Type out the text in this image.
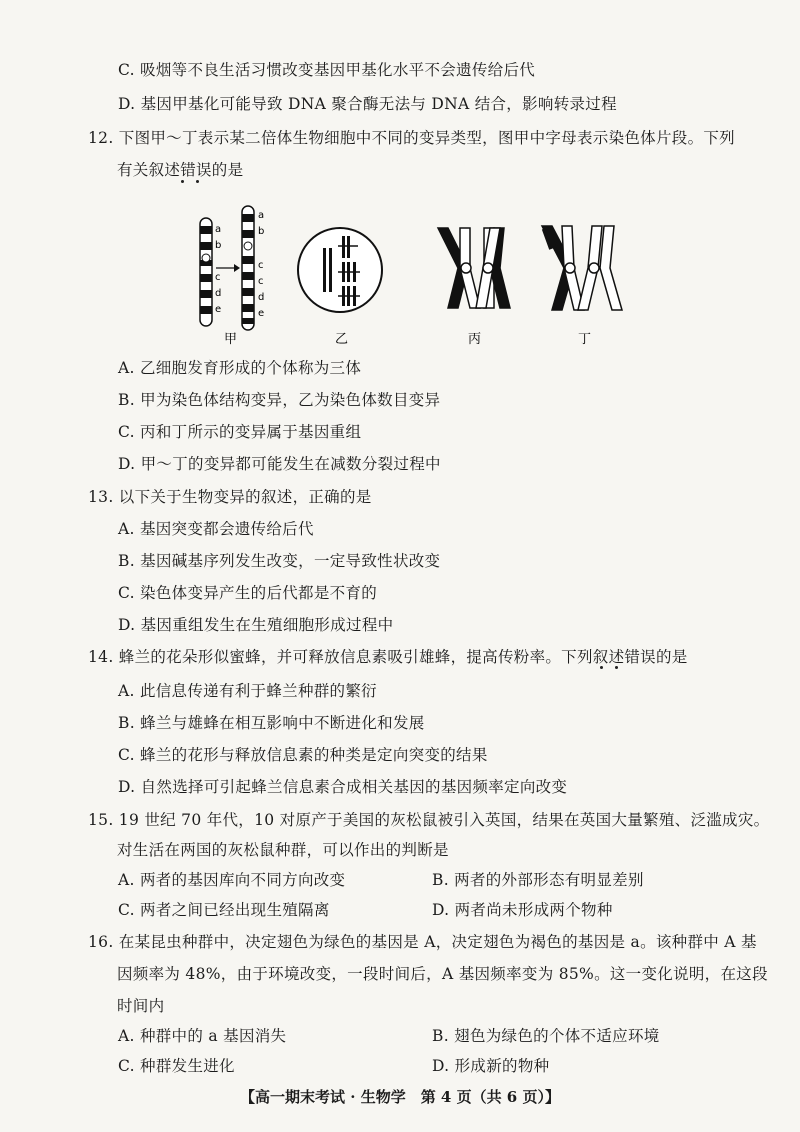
C. 吸烟等不良生活习惯改变基因甲基化水平不会遗传给后代
D. 基因甲基化可能导致 DNA 聚合酶无法与 DNA 结合，影响转录过程
12. 下图甲～丁表示某二倍体生物细胞中不同的变异类型，图甲中字母表示染色体片段。下列
有关叙述错误的是
a
b
c
d
e
a
b
c
c
d
e
甲	乙	丙	丁
A. 乙细胞发育形成的个体称为三体
B. 甲为染色体结构变异，乙为染色体数目变异
C. 丙和丁所示的变异属于基因重组
D. 甲～丁的变异都可能发生在减数分裂过程中
13. 以下关于生物变异的叙述，正确的是
A. 基因突变都会遗传给后代
B. 基因碱基序列发生改变，一定导致性状改变
C. 染色体变异产生的后代都是不育的
D. 基因重组发生在生殖细胞形成过程中
14. 蜂兰的花朵形似蜜蜂，并可释放信息素吸引雄蜂，提高传粉率。下列叙述错误的是
A. 此信息传递有利于蜂兰种群的繁衍
B. 蜂兰与雄蜂在相互影响中不断进化和发展
C. 蜂兰的花形与释放信息素的种类是定向突变的结果
D. 自然选择可引起蜂兰信息素合成相关基因的基因频率定向改变
15. 19 世纪 70 年代，10 对原产于美国的灰松鼠被引入英国，结果在英国大量繁殖、泛滥成灾。
对生活在两国的灰松鼠种群，可以作出的判断是
A. 两者的基因库向不同方向改变	B. 两者的外部形态有明显差别
C. 两者之间已经出现生殖隔离	D. 两者尚未形成两个物种
16. 在某昆虫种群中，决定翅色为绿色的基因是 A，决定翅色为褐色的基因是 a。该种群中 A 基
因频率为 48%，由于环境改变，一段时间后，A 基因频率变为 85%。这一变化说明，在这段
时间内
A. 种群中的 a 基因消失	B. 翅色为绿色的个体不适应环境
C. 种群发生进化	D. 形成新的物种
【高一期末考试 · 生物学　第 4 页（共 6 页）】
